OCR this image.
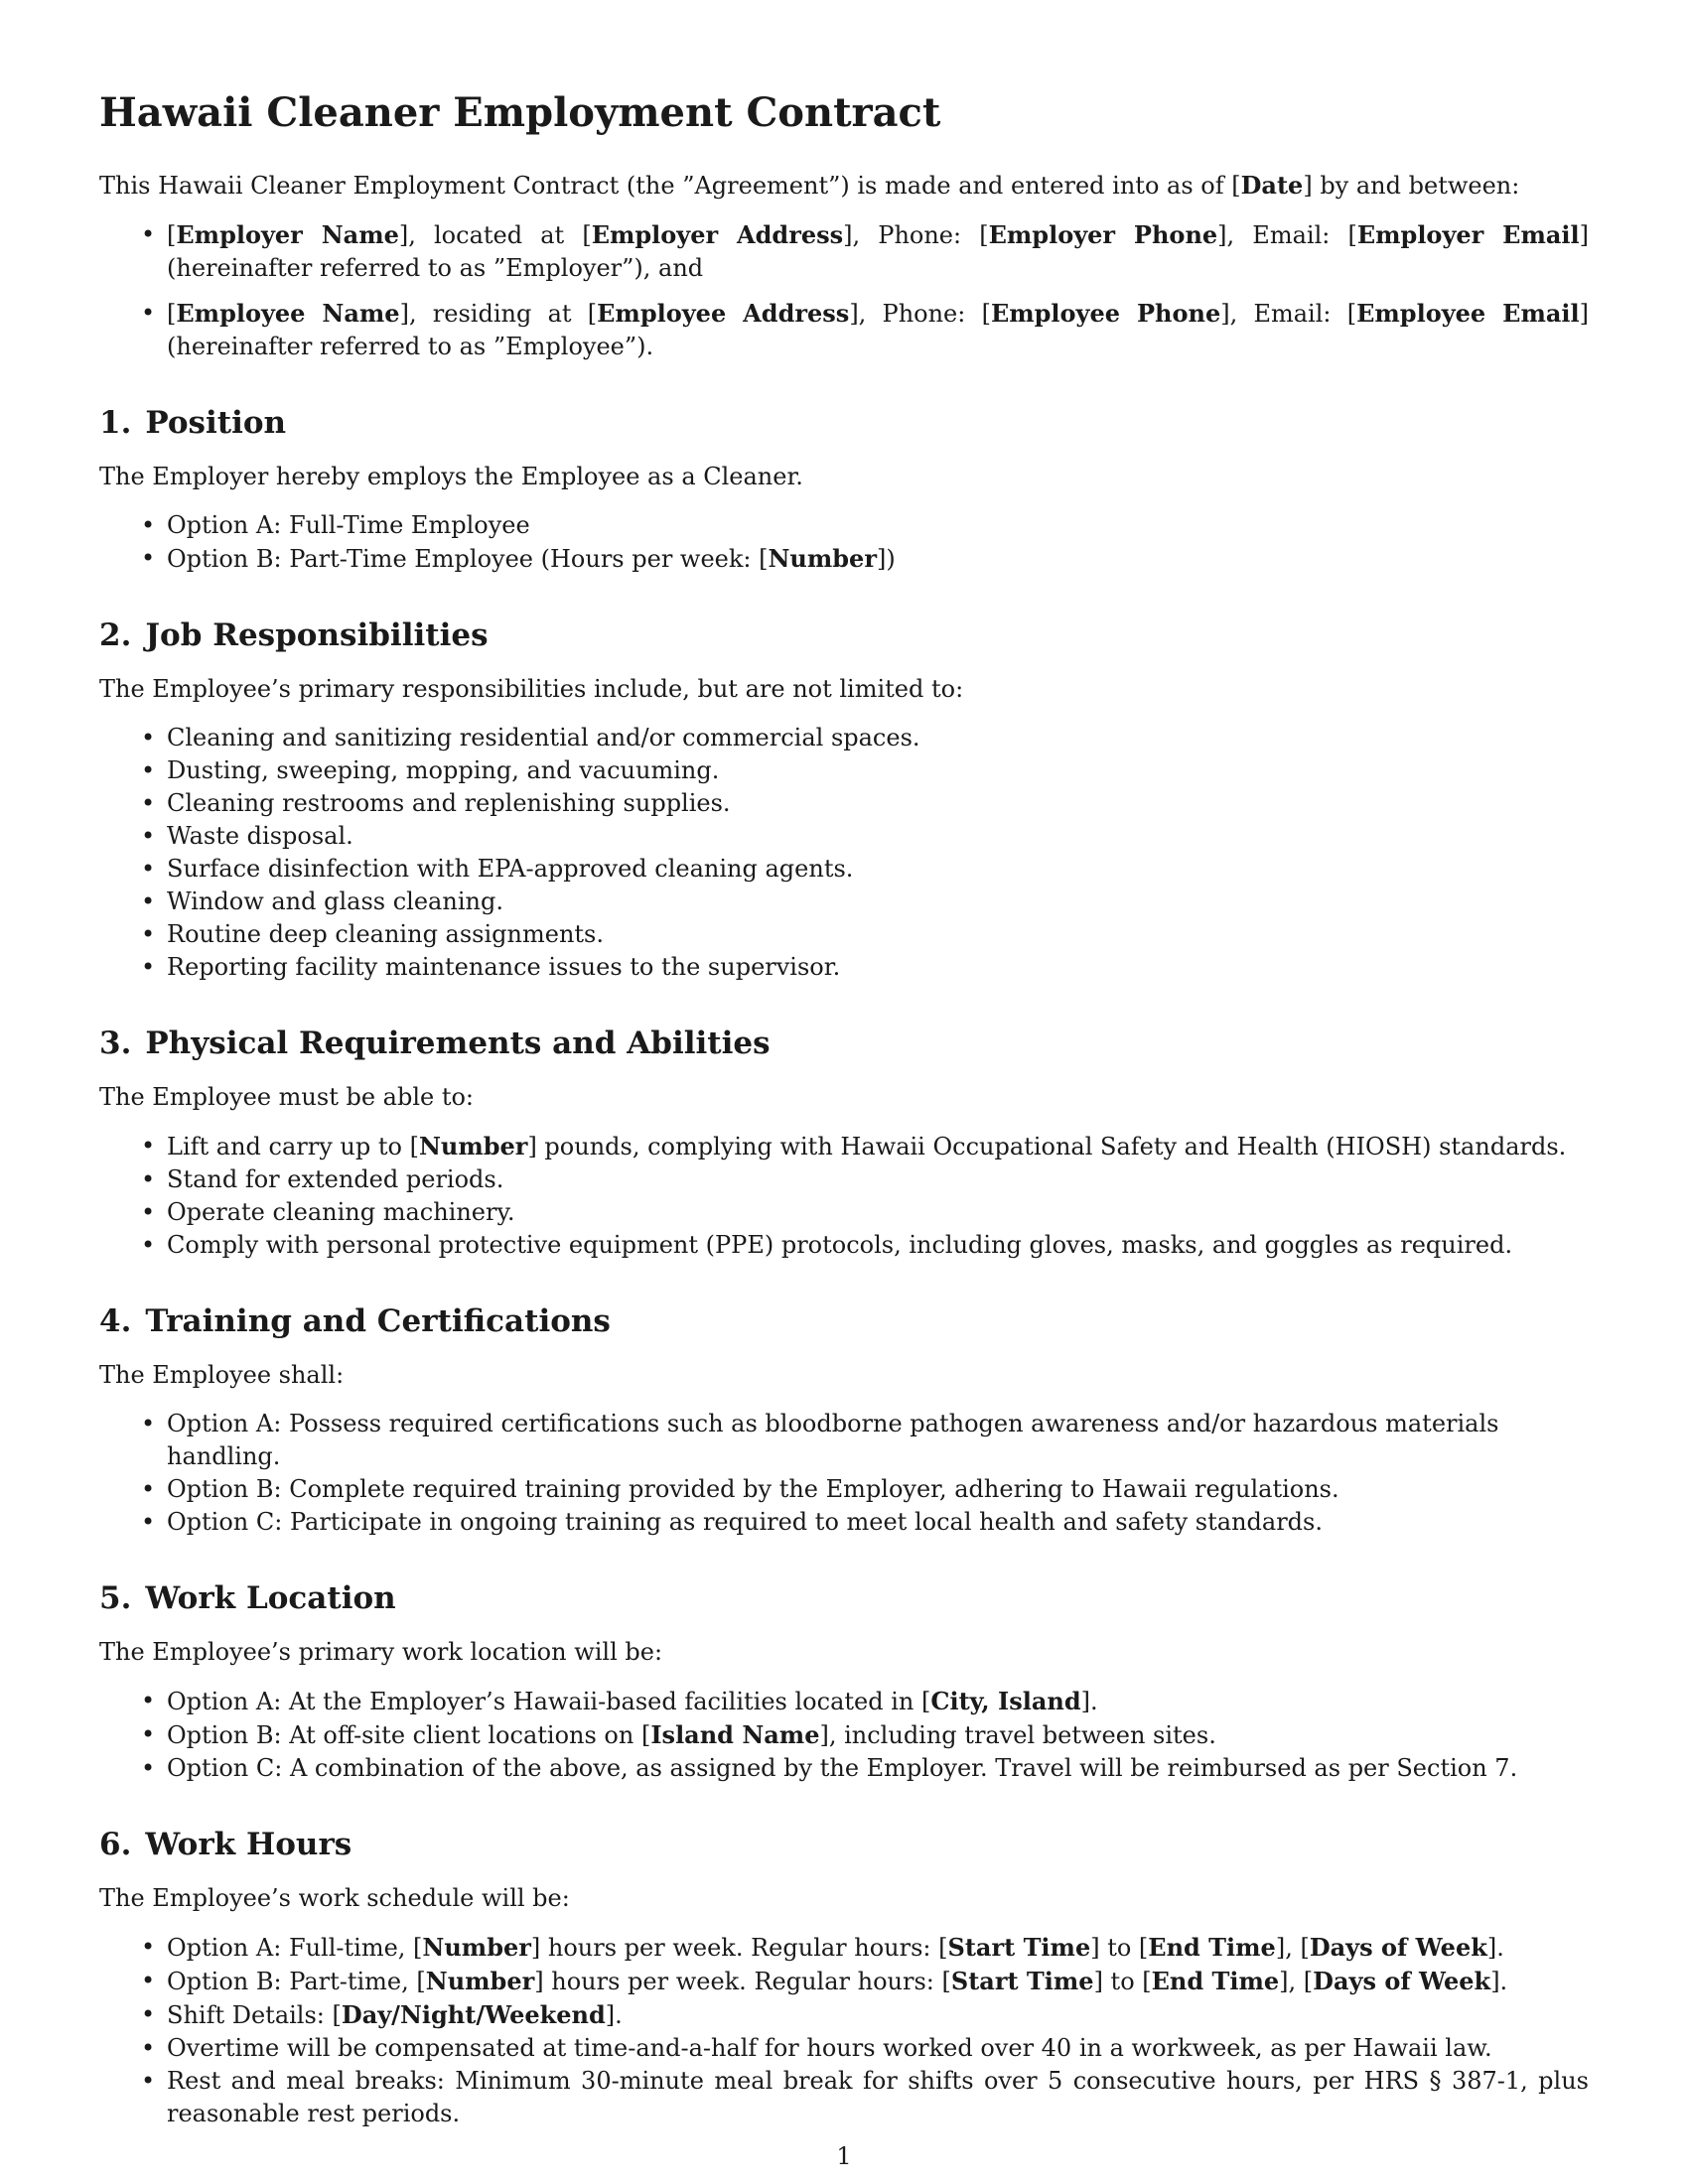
Hawaii Cleaner Employment Contract

This Hawaii Cleaner Employment Contract (the ”Agreement”) is made and entered into as of [Date] by and between:

• [Employer Name], located at [Employer Address], Phone: [Employer Phone], Email: [Employer Email] (hereinafter referred to as ”Employer”), and
• [Employee Name], residing at [Employee Address], Phone: [Employee Phone], Email: [Employee Email] (hereinafter referred to as ”Employee”).
1. Position

The Employer hereby employs the Employee as a Cleaner.

• Option A: Full-Time Employee
• Option B: Part-Time Employee (Hours per week: [Number])
2. Job Responsibilities

The Employee’s primary responsibilities include, but are not limited to:

• Cleaning and sanitizing residential and/or commercial spaces.
• Dusting, sweeping, mopping, and vacuuming.
• Cleaning restrooms and replenishing supplies.
• Waste disposal.
• Surface disinfection with EPA-approved cleaning agents.
• Window and glass cleaning.
• Routine deep cleaning assignments.
• Reporting facility maintenance issues to the supervisor.
3. Physical Requirements and Abilities

The Employee must be able to:

• Lift and carry up to [Number] pounds, complying with Hawaii Occupational Safety and Health (HIOSH) standards.
• Stand for extended periods.
• Operate cleaning machinery.
• Comply with personal protective equipment (PPE) protocols, including gloves, masks, and goggles as required.
4. Training and Certifications

The Employee shall:

• Option A: Possess required certifications such as bloodborne pathogen awareness and/or hazardous materials handling.
• Option B: Complete required training provided by the Employer, adhering to Hawaii regulations.
• Option C: Participate in ongoing training as required to meet local health and safety standards.
5. Work Location

The Employee’s primary work location will be:

• Option A: At the Employer’s Hawaii-based facilities located in [City, Island].
• Option B: At off-site client locations on [Island Name], including travel between sites.
• Option C: A combination of the above, as assigned by the Employer. Travel will be reimbursed as per Section 7.
6. Work Hours

The Employee’s work schedule will be:

• Option A: Full-time, [Number] hours per week. Regular hours: [Start Time] to [End Time], [Days of Week].
• Option B: Part-time, [Number] hours per week. Regular hours: [Start Time] to [End Time], [Days of Week].
• Shift Details: [Day/Night/Weekend].
• Overtime will be compensated at time-and-a-half for hours worked over 40 in a workweek, as per Hawaii law.
• Rest and meal breaks: Minimum 30-minute meal break for shifts over 5 consecutive hours, per HRS § 387-1, plus reasonable rest periods.
1
